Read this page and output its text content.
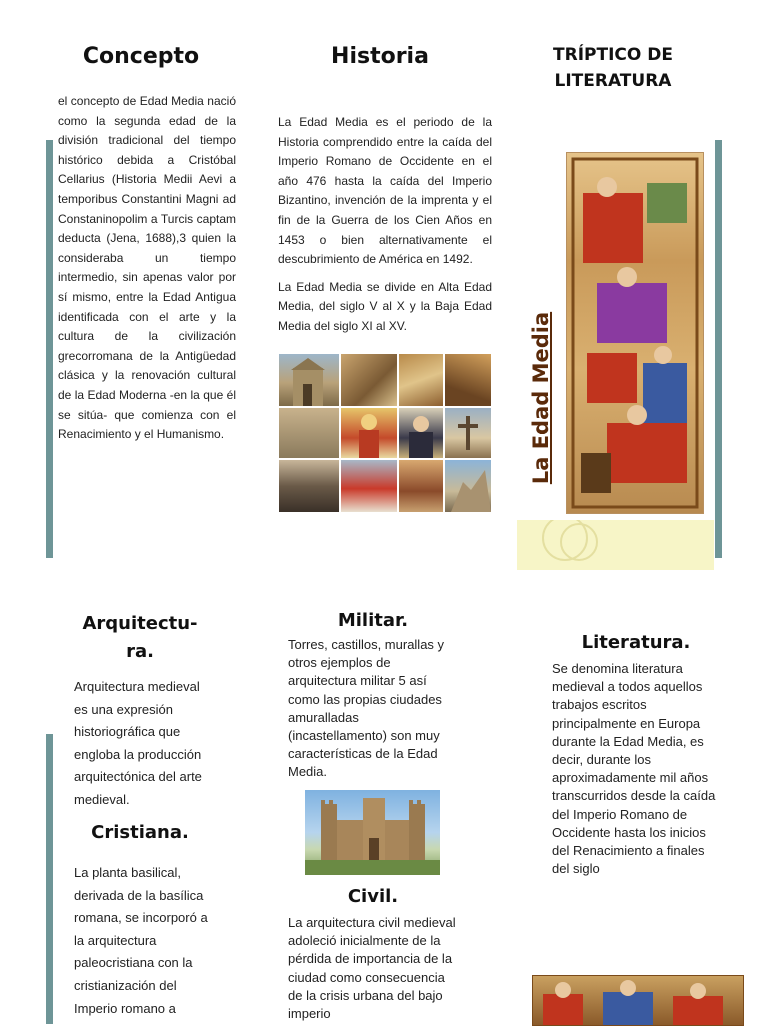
Concepto
el concepto de Edad Media nació como la segunda edad de la división tradicional del tiempo histórico debida a Cristóbal Cellarius (Historia Medii Aevi a temporibus Constantini Magni ad Constaninopolim a Turcis captam deducta (Jena, 1688),3 quien la consideraba un tiempo intermedio, sin apenas valor por sí mismo, entre la Edad Antigua identificada con el arte y la cultura de la civilización grecorromana de la Antigüedad clásica y la renovación cultural de la Edad Moderna -en la que él se sitúa- que comienza con el Renacimiento y el Humanismo.
Historia

La Edad Media es el periodo de la Historia comprendido entre la caída del Imperio Romano de Occidente en el año 476 hasta la caída del Imperio Bizantino, invención de la imprenta y el fin de la Guerra de los Cien Años en 1453 o bien alternativamente el descubrimiento de América en 1492.

La Edad Media se divide en Alta Edad Media, del siglo V al X y la Baja Edad Media del siglo XI al XV.

TRÍPTICO DE
LITERATURA
La Edad Media
Arquitectu-
ra.
Arquitectura medieval es una expresión historiográfica que engloba la producción arquitectónica del arte medieval.
Cristiana.
La planta basilical, derivada de la basílica romana, se incorporó a la arquitectura paleocristiana con la cristianización del Imperio romano a
Militar.
Torres, castillos, murallas y otros ejemplos de arquitectura militar 5 así como las propias ciudades amuralladas (incastellamento) son muy características de la Edad Media.
Civil.
La arquitectura civil medieval adoleció inicialmente de la pérdida de importancia de la ciudad como consecuencia de la crisis urbana del bajo imperio
Literatura.
Se denomina literatura medieval a todos aquellos trabajos escritos principalmente en Europa durante la Edad Media, es decir, durante los aproximadamente mil años transcurridos desde la caída del Imperio Romano de Occidente hasta los inicios del Renacimiento a finales del siglo
